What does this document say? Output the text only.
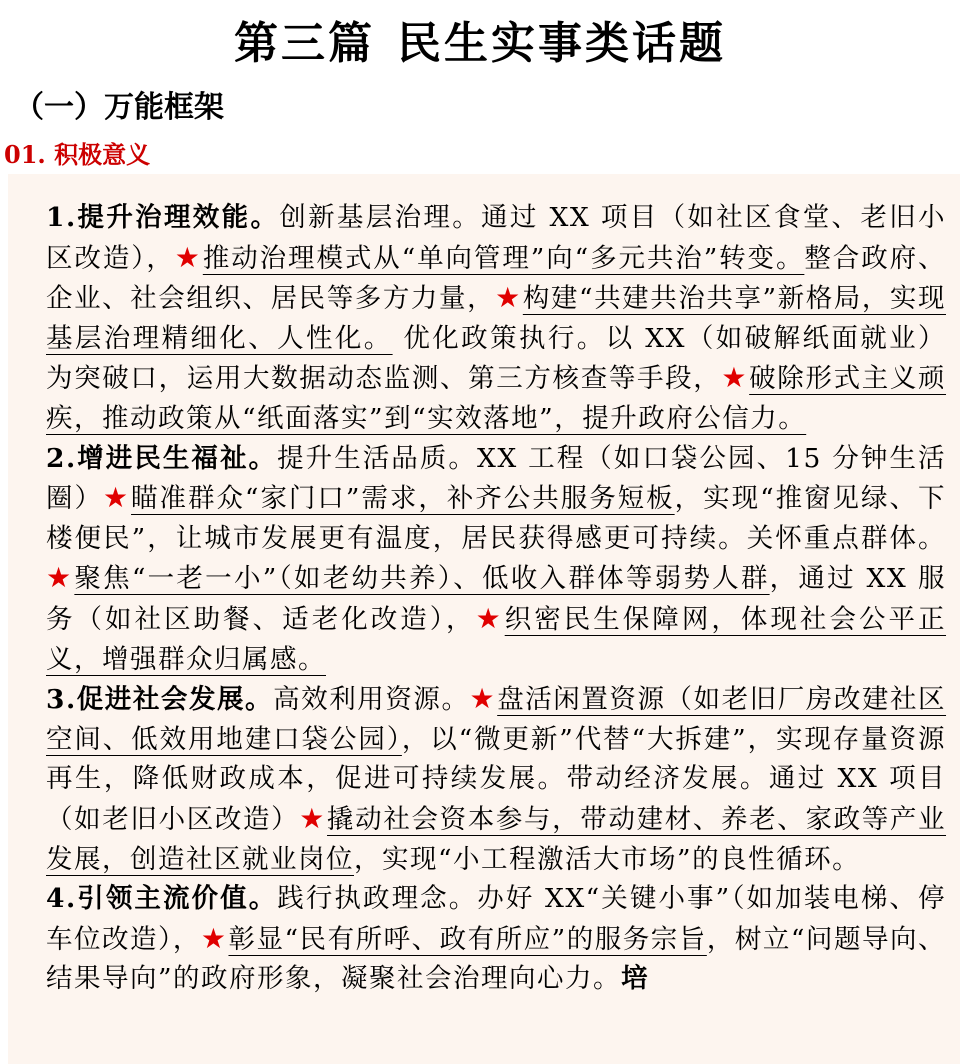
第三篇 民生实事类话题
（一）万能框架
01. 积极意义
1.提升治理效能。创新基层治理。通过 XX 项目（如社区食堂、老旧小区改造），★推动治理模式从“单向管理”向“多元共治”转变。整合政府、企业、社会组织、居民等多方力量，★构建“共建共治共享”新格局，实现基层治理精细化、人性化。 优化政策执行。以 XX（如破解纸面就业）为突破口，运用大数据动态监测、第三方核查等手段，★破除形式主义顽疾，推动政策从“纸面落实”到“实效落地”，提升政府公信力。
2.增进民生福祉。提升生活品质。XX 工程（如口袋公园、15 分钟生活圈）★瞄准群众“家门口”需求，补齐公共服务短板，实现“推窗见绿、下楼便民”，让城市发展更有温度，居民获得感更可持续。关怀重点群体。★聚焦“一老一小”（如老幼共养）、低收入群体等弱势人群，通过 XX 服务（如社区助餐、适老化改造），★织密民生保障网，体现社会公平正义，增强群众归属感。
3.促进社会发展。高效利用资源。★盘活闲置资源（如老旧厂房改建社区空间、低效用地建口袋公园），以“微更新”代替“大拆建”，实现存量资源再生，降低财政成本，促进可持续发展。带动经济发展。通过 XX 项目（如老旧小区改造）★撬动社会资本参与，带动建材、养老、家政等产业发展，创造社区就业岗位，实现“小工程激活大市场”的良性循环。
4.引领主流价值。践行执政理念。办好 XX“关键小事”（如加装电梯、停车位改造），★彰显“民有所呼、政有所应”的服务宗旨，树立“问题导向、结果导向”的政府形象，凝聚社会治理向心力。培
